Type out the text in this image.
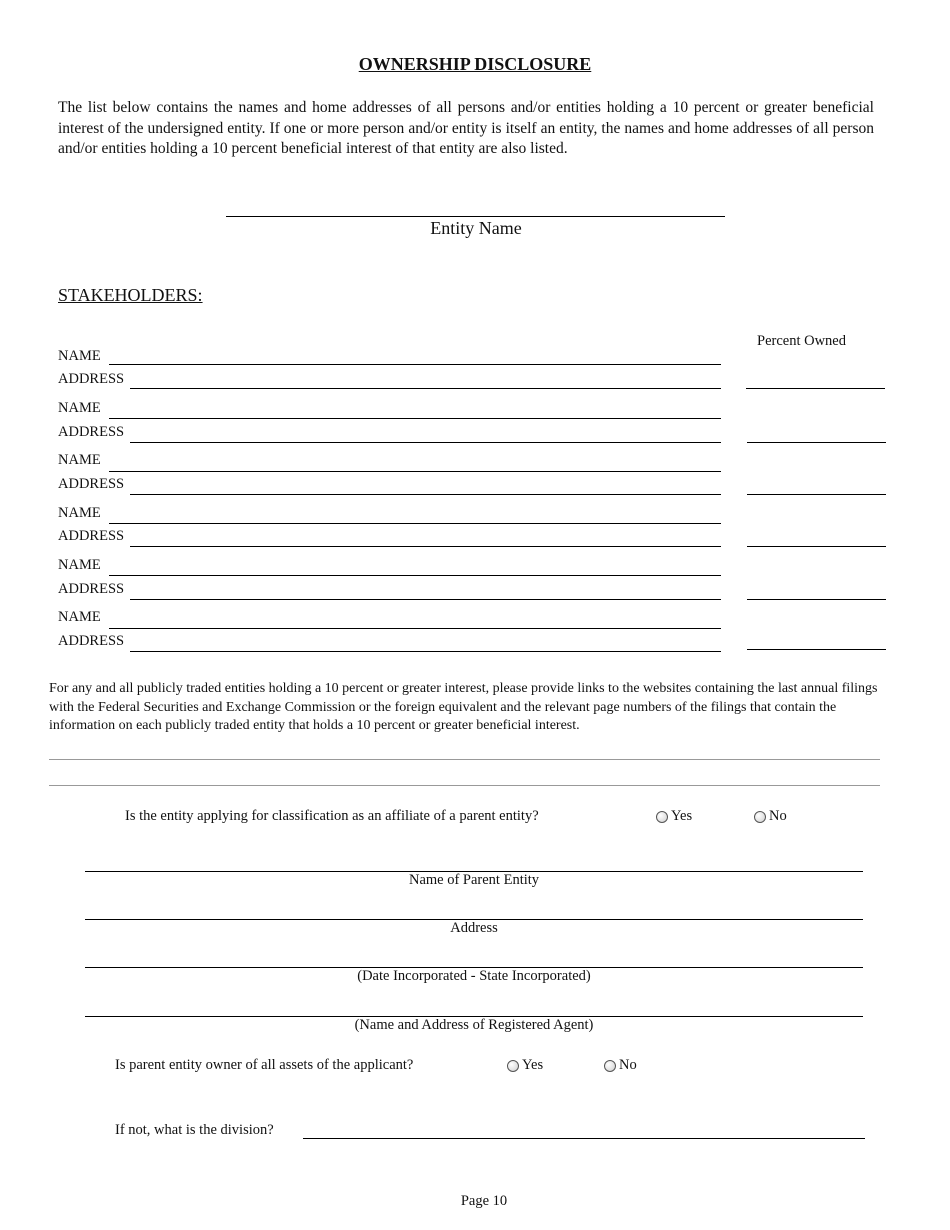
OWNERSHIP DISCLOSURE
The list below contains the names and home addresses of all persons and/or entities holding a 10 percent or greater beneficial interest of the undersigned entity. If one or more person and/or entity is itself an entity, the names and home addresses of all person and/or entities holding a 10 percent beneficial interest of that entity are also listed.
Entity Name
STAKEHOLDERS:
Percent Owned
NAME
ADDRESS
NAME
ADDRESS
NAME
ADDRESS
NAME
ADDRESS
NAME
ADDRESS
NAME
ADDRESS
For any and all publicly traded entities holding a 10 percent or greater interest, please provide links to the websites containing the last annual filings with the Federal Securities and Exchange Commission or the foreign equivalent and the relevant page numbers of the filings that contain the information on each publicly traded entity that holds a 10 percent or greater beneficial interest.
Is the entity applying for classification as an affiliate of a parent entity?	Yes	No
Name of Parent Entity
Address
(Date Incorporated - State Incorporated)
(Name and Address of Registered Agent)
Is parent entity owner of all assets of the applicant?	Yes	No
If not, what is the division?
Page 10
